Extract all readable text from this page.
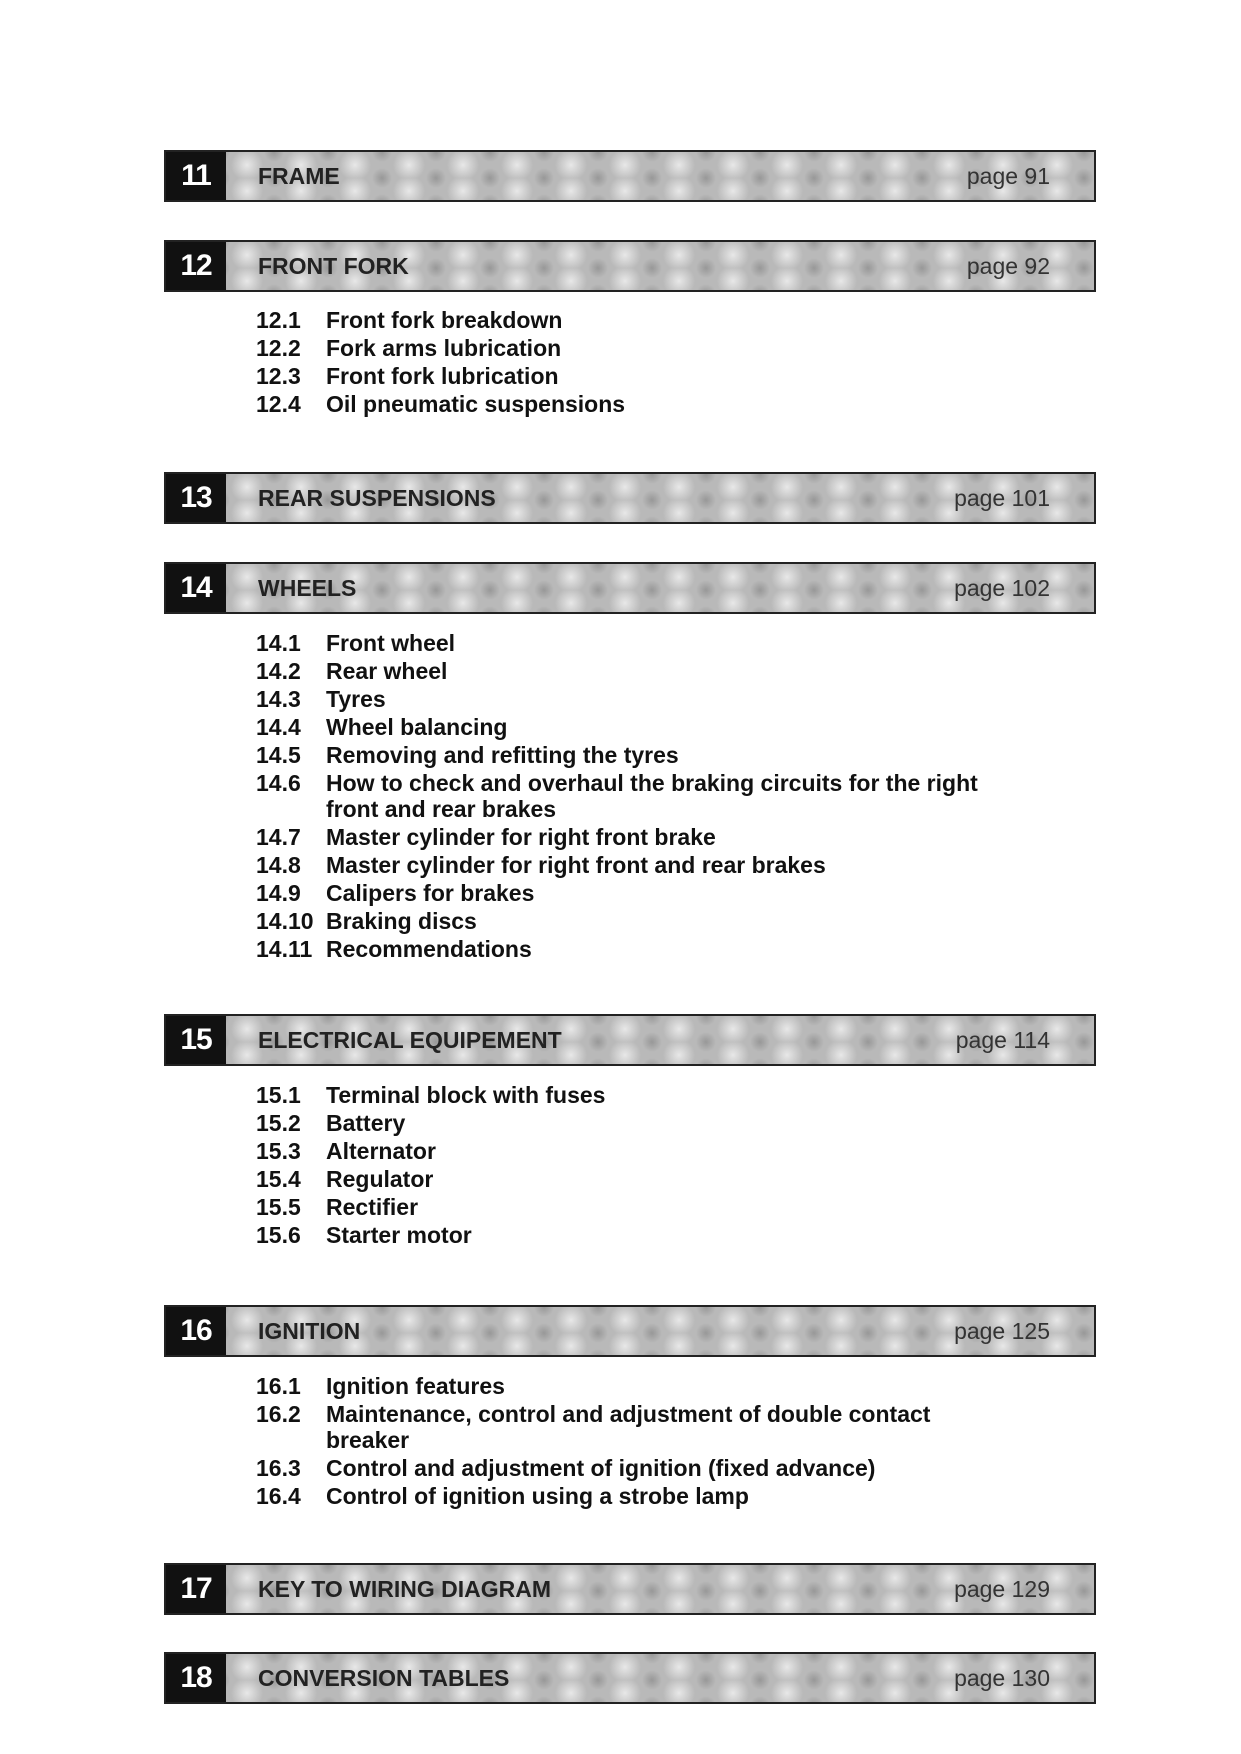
11	FRAME	page 91
12	FRONT FORK	page 92
12.1	Front fork breakdown
12.2	Fork arms lubrication
12.3	Front fork lubrication
12.4	Oil pneumatic suspensions
13	REAR SUSPENSIONS	page 101
14	WHEELS	page 102
14.1	Front wheel
14.2	Rear wheel
14.3	Tyres
14.4	Wheel balancing
14.5	Removing and refitting the tyres
14.6	How to check and overhaul the braking circuits for the right front and rear brakes
14.7	Master cylinder for right front brake
14.8	Master cylinder for right front and rear brakes
14.9	Calipers for brakes
14.10 Braking discs
14.11 Recommendations
15	ELECTRICAL EQUIPEMENT	page 114
15.1	Terminal block with fuses
15.2	Battery
15.3	Alternator
15.4	Regulator
15.5	Rectifier
15.6	Starter motor
16	IGNITION	page 125
16.1	Ignition features
16.2	Maintenance, control and adjustment of double contact breaker
16.3	Control and adjustment of ignition (fixed advance)
16.4	Control of ignition using a strobe lamp
17	KEY TO WIRING DIAGRAM	page 129
18	CONVERSION TABLES	page 130
